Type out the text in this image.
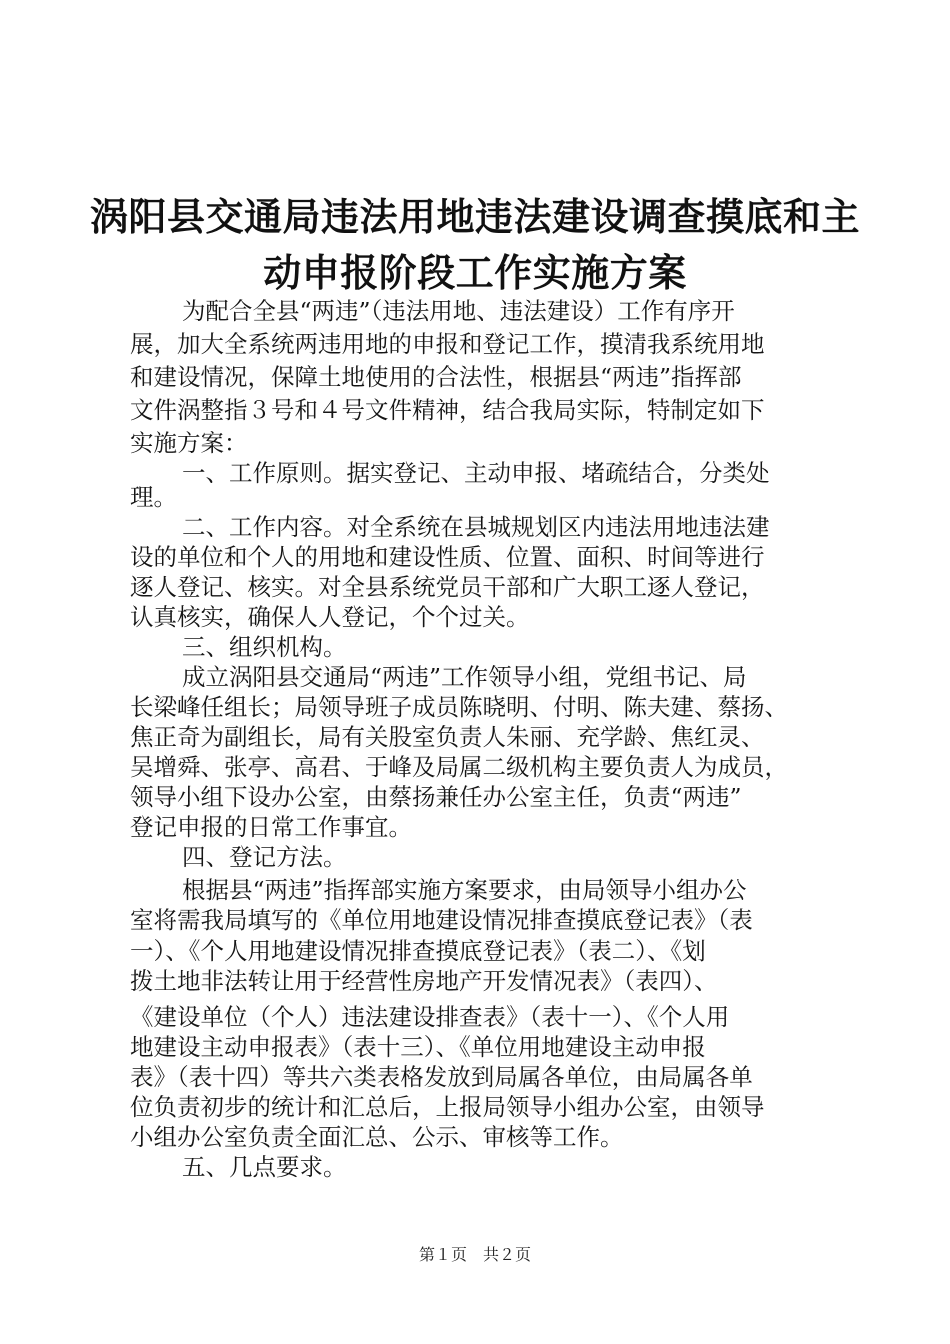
涡阳县交通局违法用地违法建设调查摸底和主
动申报阶段工作实施方案
为配合全县“两违”（违法用地、违法建设）工作有序开
展，加大全系统两违用地的申报和登记工作，摸清我系统用地
和建设情况，保障土地使用的合法性，根据县“两违”指挥部
文件涡整指３号和４号文件精神，结合我局实际，特制定如下
实施方案：
一、工作原则。据实登记、主动申报、堵疏结合，分类处
理。
二、工作内容。对全系统在县城规划区内违法用地违法建
设的单位和个人的用地和建设性质、位置、面积、时间等进行
逐人登记、核实。对全县系统党员干部和广大职工逐人登记，
认真核实，确保人人登记，个个过关。
三、组织机构。
成立涡阳县交通局“两违”工作领导小组，党组书记、局
长梁峰任组长；局领导班子成员陈晓明、付明、陈夫建、蔡扬、
焦正奇为副组长，局有关股室负责人朱丽、充学龄、焦红灵、
吴增舜、张亭、高君、于峰及局属二级机构主要负责人为成员，
领导小组下设办公室，由蔡扬兼任办公室主任，负责“两违”
登记申报的日常工作事宜。
四、登记方法。
根据县“两违”指挥部实施方案要求，由局领导小组办公
室将需我局填写的《单位用地建设情况排查摸底登记表》（表
一）、《个人用地建设情况排查摸底登记表》（表二）、《划
拨土地非法转让用于经营性房地产开发情况表》（表四）、
《建设单位（个人）违法建设排查表》（表十一）、《个人用
地建设主动申报表》（表十三）、《单位用地建设主动申报
表》（表十四）等共六类表格发放到局属各单位，由局属各单
位负责初步的统计和汇总后，上报局领导小组办公室，由领导
小组办公室负责全面汇总、公示、审核等工作。
五、几点要求。
第１页　共２页
